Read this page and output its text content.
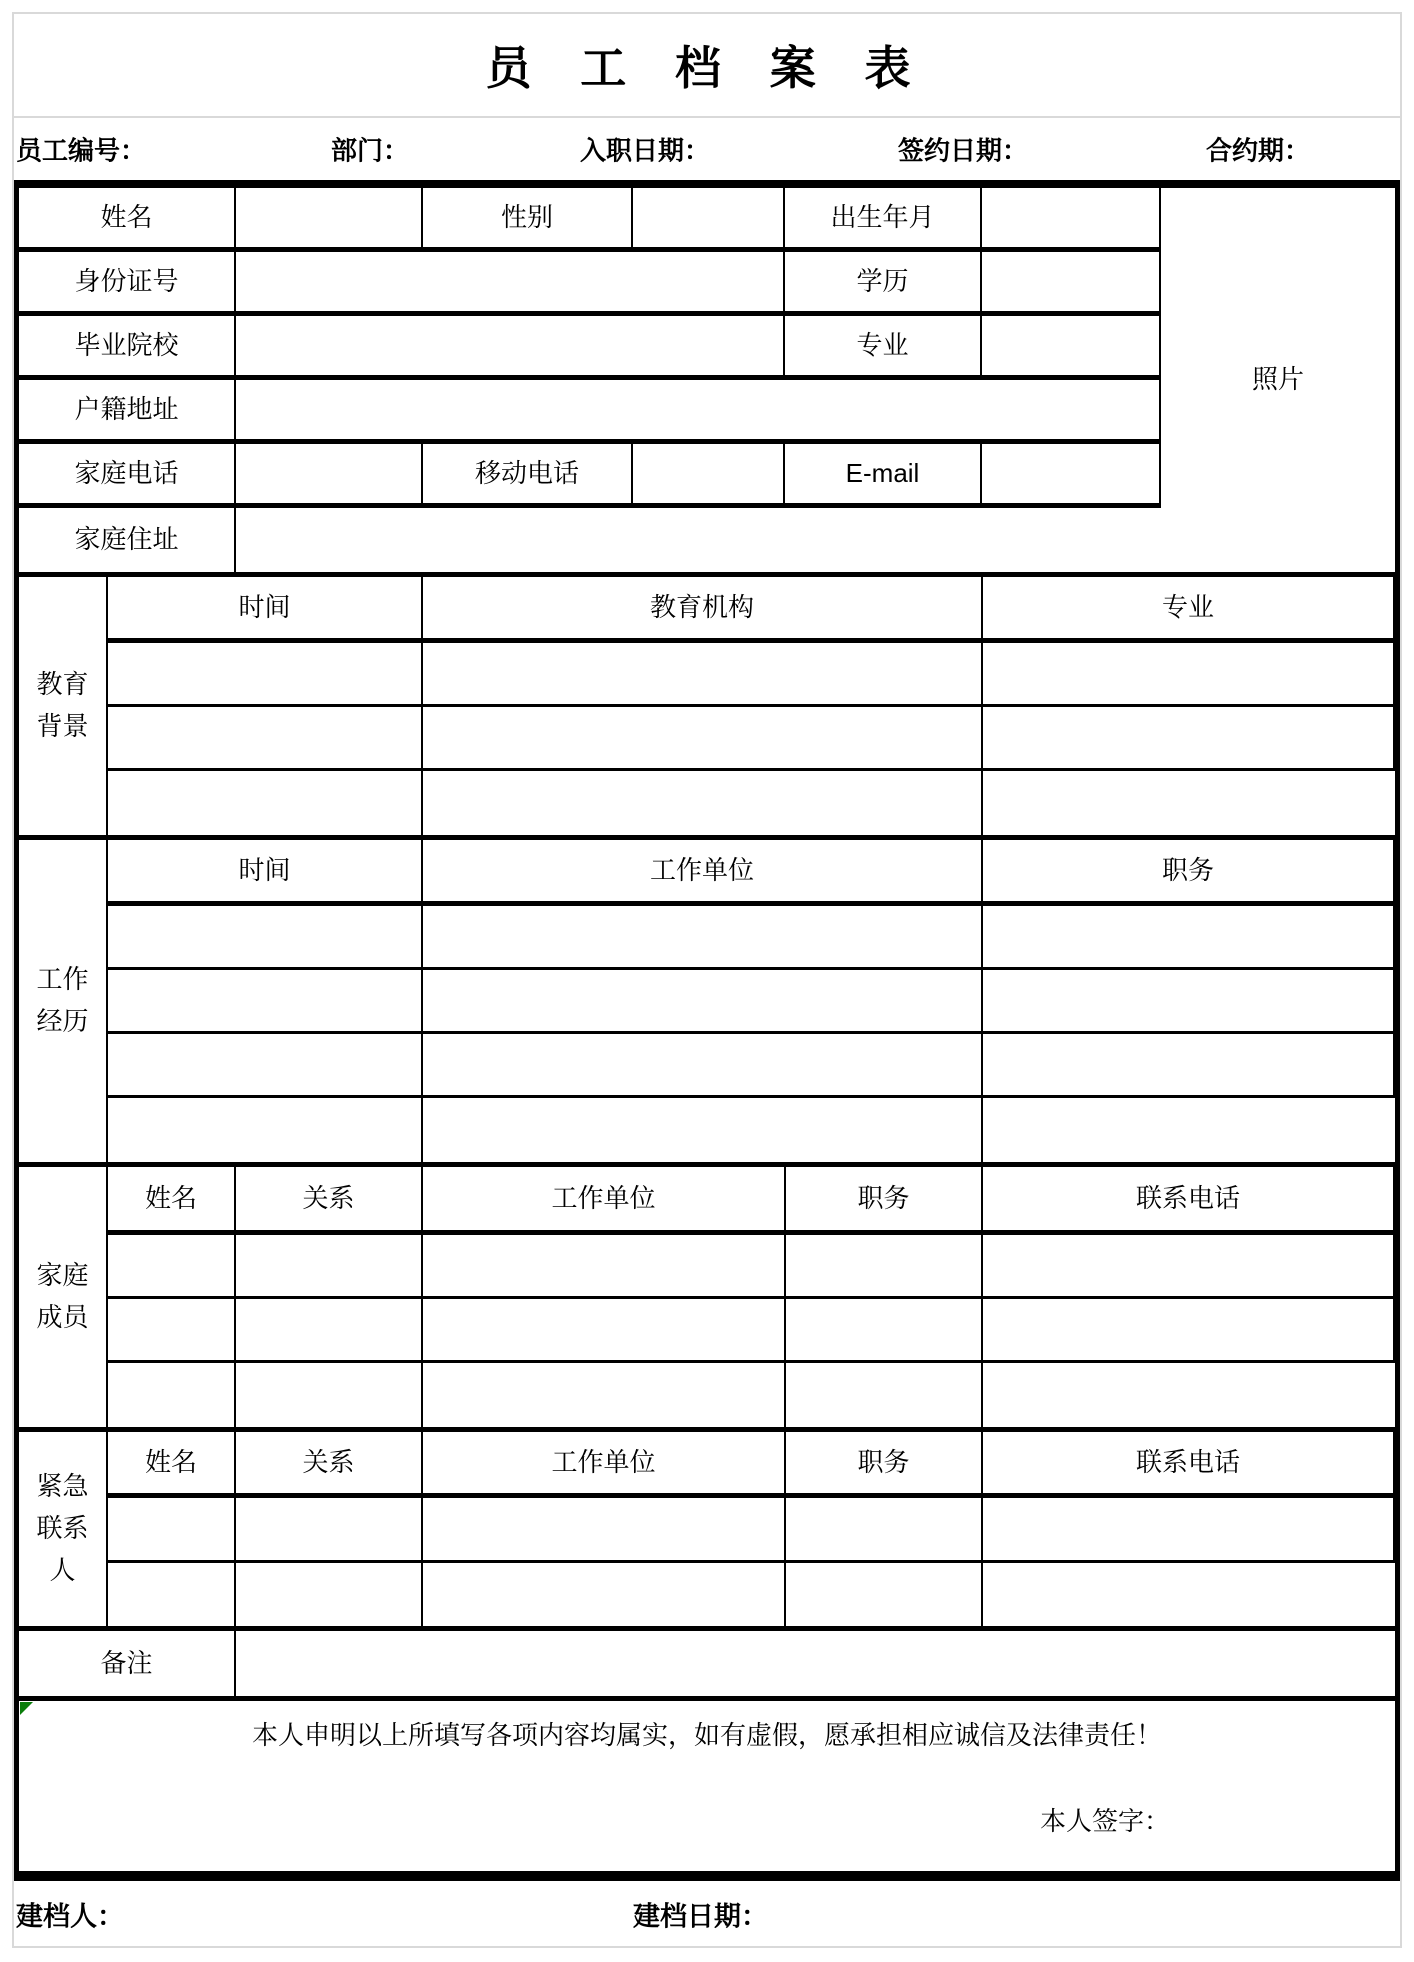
员 工 档 案 表
员工编号：	部门：	入职日期：	签约日期：	合约期：
姓名	性别	出生年月
照片
身份证号	学历
毕业院校	专业
户籍地址
家庭电话	移动电话	E-mail
家庭住址
教育
背景
时间	教育机构	专业
工作
经历
时间	工作单位	职务
家庭
成员
姓名	关系	工作单位	职务	联系电话
紧急
联系
人
姓名	关系	工作单位	职务	联系电话
备注
本人申明以上所填写各项内容均属实，如有虚假，愿承担相应诚信及法律责任！
本人签字：
建档人：	建档日期：
